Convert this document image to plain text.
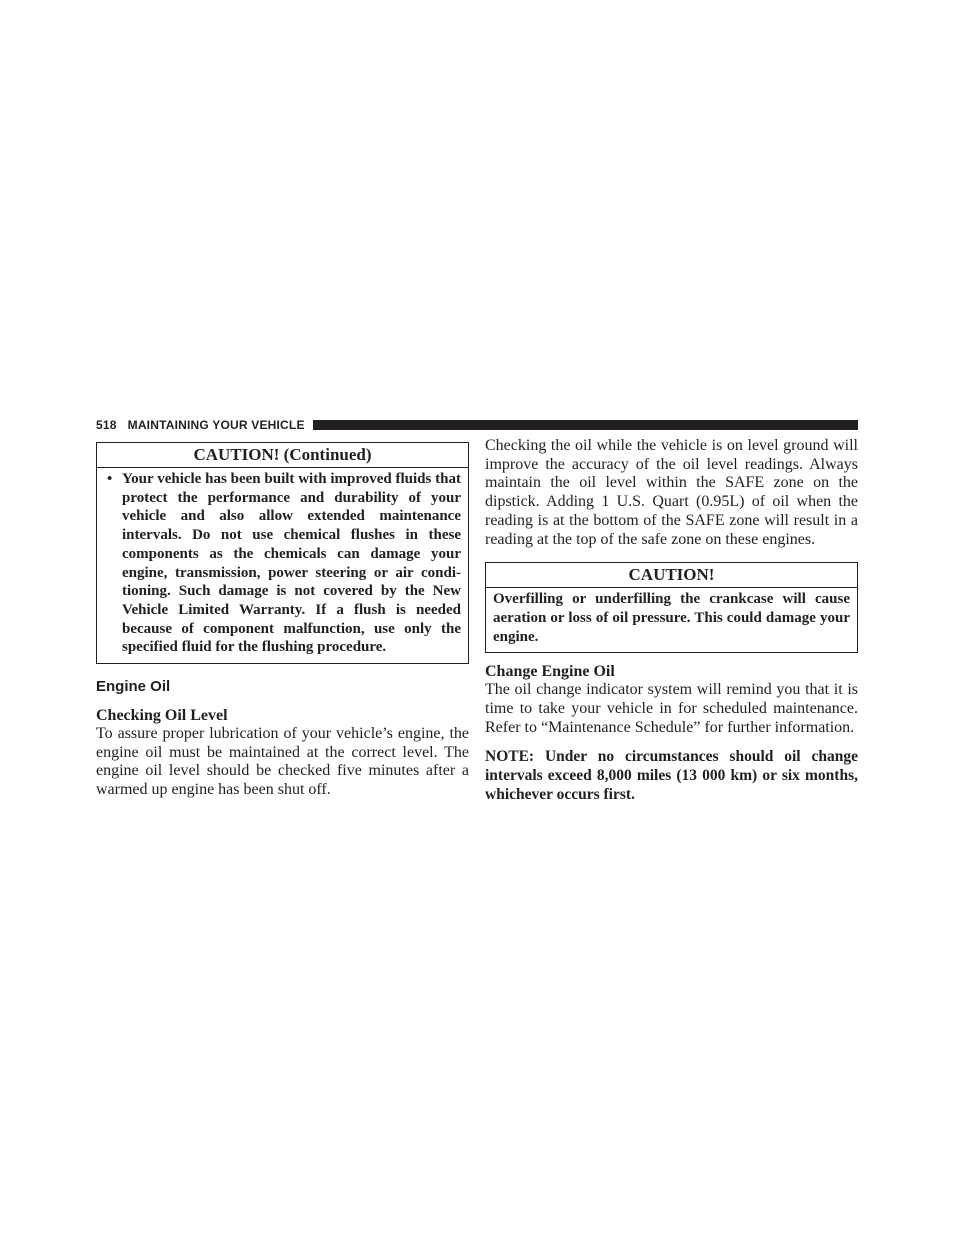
518 MAINTAINING YOUR VEHICLE
CAUTION! (Continued)
• Your vehicle has been built with improved fluids that protect the performance and durability of your vehicle and also allow extended maintenance intervals. Do not use chemical flushes in these components as the chemicals can damage your engine, transmission, power steering or air condi-tioning. Such damage is not covered by the New Vehicle Limited Warranty. If a flush is needed because of component malfunction, use only the specified fluid for the flushing procedure.
Engine Oil
Checking Oil Level

To assure proper lubrication of your vehicle’s engine, the engine oil must be maintained at the correct level. The engine oil level should be checked five minutes after a warmed up engine has been shut off.

Checking the oil while the vehicle is on level ground will improve the accuracy of the oil level readings. Always maintain the oil level within the SAFE zone on the dipstick. Adding 1 U.S. Quart (0.95L) of oil when the reading is at the bottom of the SAFE zone will result in a reading at the top of the safe zone on these engines.

CAUTION!
Overfilling or underfilling the crankcase will cause aeration or loss of oil pressure. This could damage your engine.
Change Engine Oil

The oil change indicator system will remind you that it is time to take your vehicle in for scheduled maintenance. Refer to “Maintenance Schedule” for further information.

NOTE: Under no circumstances should oil change intervals exceed 8,000 miles (13 000 km) or six months, whichever occurs first.
